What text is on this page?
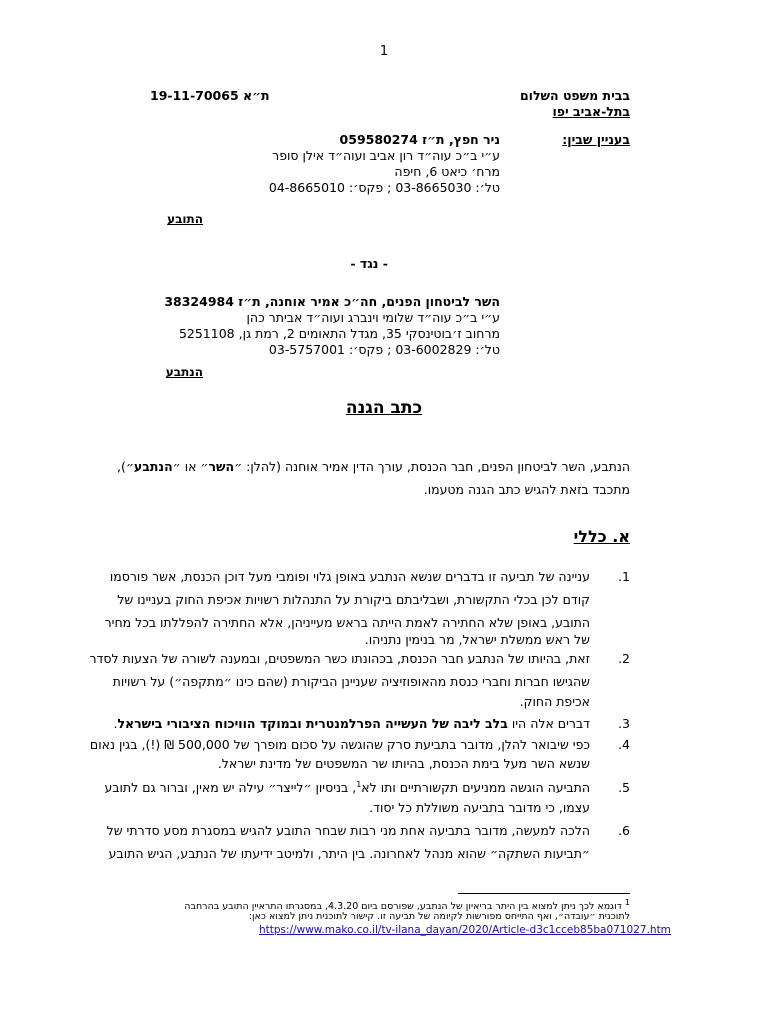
1
בבית משפט השלום
בתל-אביב יפו
ת״א 19-11-70065
בעניין שבין:
ניר חפץ, ת״ז 059580274
ע״י ב״כ עוה״ד רון אביב ועוה״ד אילן סופר
מרח׳ כיאט 6, חיפה
טל׳: 03-8665030 ; פקס׳: 04-8665010
התובע
- נגד -
השר לביטחון הפנים, חה״כ אמיר אוחנה, ת״ז 38324984
ע״י ב״כ עוה״ד שלומי וינברג ועוה״ד אביתר כהן
מרחוב ז׳בוטינסקי 35, מגדל התאומים 2, רמת גן, 5251108
טל׳: 03-6002829 ; פקס׳: 03-5757001
הנתבע
כתב הגנה
הנתבע, השר לביטחון הפנים, חבר הכנסת, עורך הדין אמיר אוחנה (להלן: ״השר״ או ״הנתבע״),
מתכבד בזאת להגיש כתב הגנה מטעמו.
א. כללי
1.
עניינה של תביעה זו בדברים שנשא הנתבע באופן גלוי ופומבי מעל דוכן הכנסת, אשר פורסמו
קודם לכן בכלי התקשורת, ושבליבתם ביקורת על התנהלות רשויות אכיפת החוק בעניינו של
התובע, באופן שלא החתירה לאמת הייתה בראש מעייניהן, אלא החתירה להפללתו בכל מחיר
של ראש ממשלת ישראל, מר בנימין נתניהו.
2.
זאת, בהיותו של הנתבע חבר הכנסת, בכהונתו כשר המשפטים, ובמענה לשורה של הצעות לסדר
שהגישו חברות וחברי כנסת מהאופוזיציה שעניינן הביקורת (שהם כינו ״מתקפה״) על רשויות
אכיפת החוק.
3.
דברים אלה היו בלב ליבה של העשייה הפרלמנטרית ובמוקד הוויכוח הציבורי בישראל.
4.
כפי שיבואר להלן, מדובר בתביעת סרק שהוגשה על סכום מופרך של 500,000 ₪ (!), בגין נאום
שנשא השר מעל בימת הכנסת, בהיותו שר המשפטים של מדינת ישראל.
5.
התביעה הוגשה ממניעים תקשורתיים ותו לא$^1$, בניסיון ״לייצר״ עילה יש מאין, וברור גם לתובע
עצמו, כי מדובר בתביעה משוללת כל יסוד.
6.
הלכה למעשה, מדובר בתביעה אחת מני רבות שבחר התובע להגיש במסגרת מסע סדרתי של
״תביעות השתקה״ שהוא מנהל לאחרונה. בין היתר, ולמיטב ידיעתו של הנתבע, הגיש התובע
$^1$ דוגמא לכך ניתן למצוא בין היתר בריאיון של הנתבע, שפורסם ביום 4.3.20, במסגרתו התראיין התובע בהרחבה
לתוכנית ״עובדה״, ואף התייחס מפורשות לקיומה של תביעה זו. קישור לתוכנית ניתן למצוא כאן:
https://www.mako.co.il/tv-ilana_dayan/2020/Article-d3c1cceb85ba071027.htm
